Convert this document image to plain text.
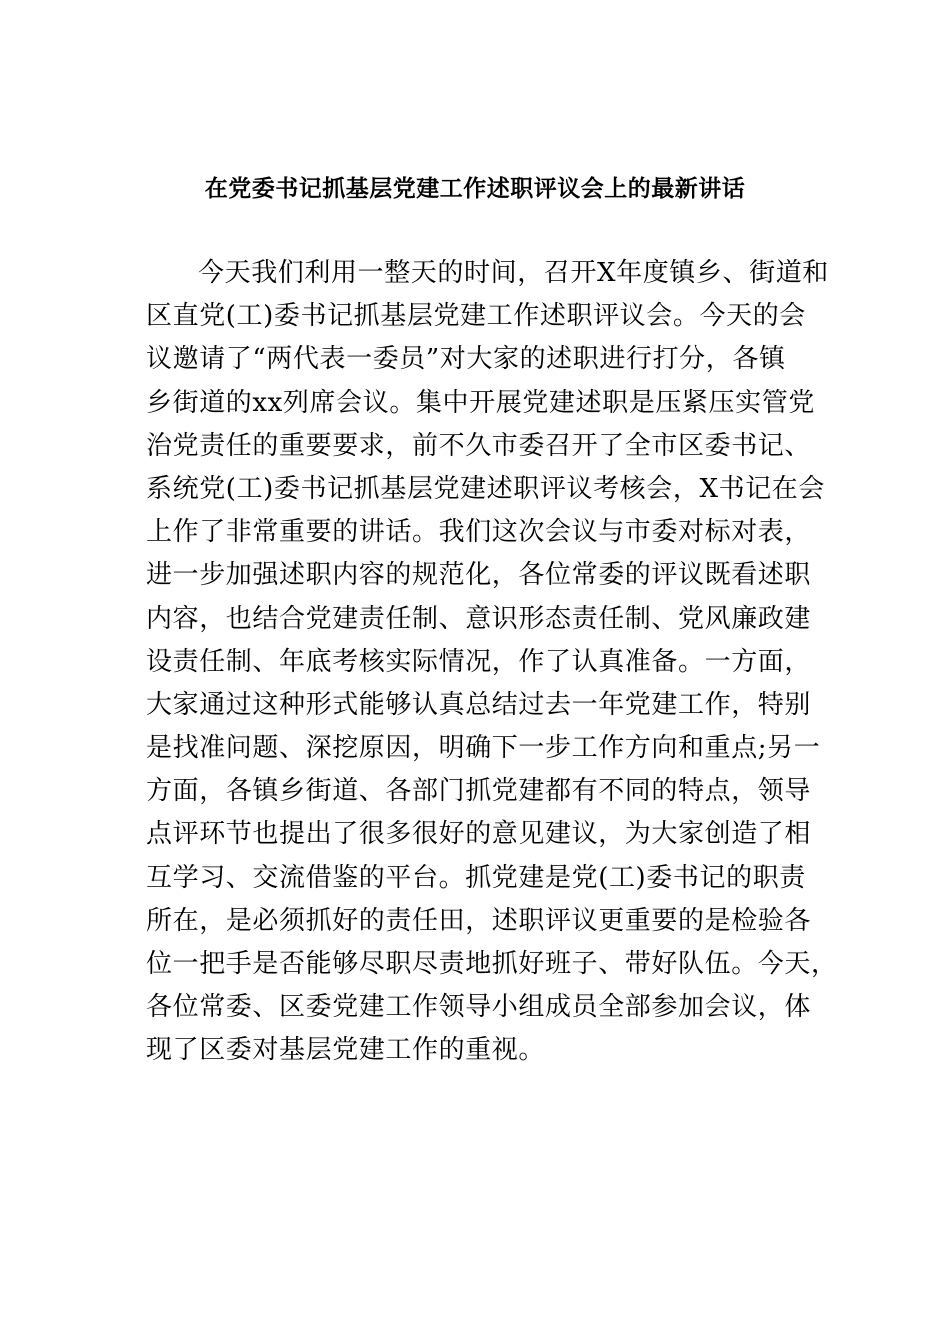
在党委书记抓基层党建工作述职评议会上的最新讲话
今天我们利用一整天的时间，召开X年度镇乡、街道和
区直党(工)委书记抓基层党建工作述职评议会。今天的会
议邀请了“两代表一委员”对大家的述职进行打分，各镇
乡街道的xx列席会议。集中开展党建述职是压紧压实管党
治党责任的重要要求，前不久市委召开了全市区委书记、
系统党(工)委书记抓基层党建述职评议考核会，X书记在会
上作了非常重要的讲话。我们这次会议与市委对标对表，
进一步加强述职内容的规范化，各位常委的评议既看述职
内容，也结合党建责任制、意识形态责任制、党风廉政建
设责任制、年底考核实际情况，作了认真准备。一方面，
大家通过这种形式能够认真总结过去一年党建工作，特别
是找准问题、深挖原因，明确下一步工作方向和重点;另一
方面，各镇乡街道、各部门抓党建都有不同的特点，领导
点评环节也提出了很多很好的意见建议，为大家创造了相
互学习、交流借鉴的平台。抓党建是党(工)委书记的职责
所在，是必须抓好的责任田，述职评议更重要的是检验各
位一把手是否能够尽职尽责地抓好班子、带好队伍。今天，
各位常委、区委党建工作领导小组成员全部参加会议，体
现了区委对基层党建工作的重视。
